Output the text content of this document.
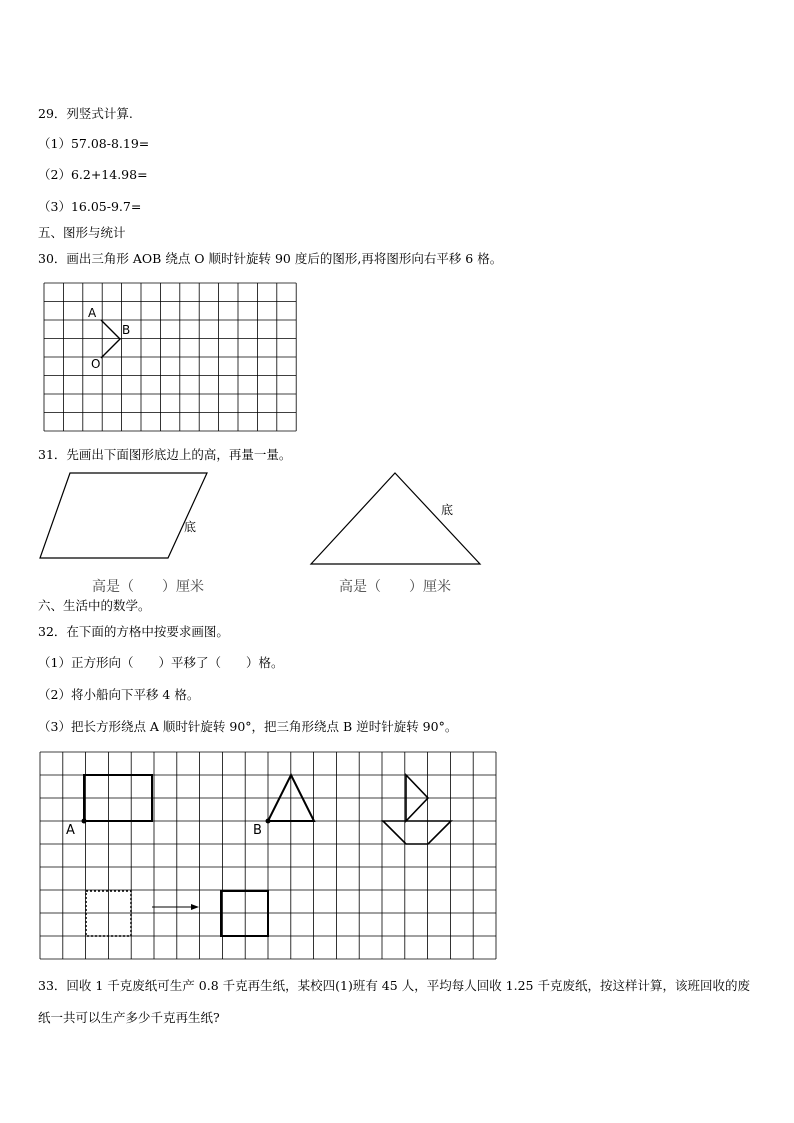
29．列竖式计算.
（1）57.08-8.19=
（2）6.2+14.98=
（3）16.05-9.7=
五、图形与统计
30．画出三角形 AOB 绕点 O 顺时针旋转 90 度后的图形,再将图形向右平移 6 格。
A
B
O
31．先画出下面图形底边上的高，再量一量。
底
高是（　　）厘米
底
高是（　　）厘米
六、生活中的数学。
32．在下面的方格中按要求画图。
（1）正方形向（　　）平移了（　　）格。
（2）将小船向下平移 4 格。
（3）把长方形绕点 A 顺时针旋转 90°，把三角形绕点 B 逆时针旋转 90°。
A	B
33．回收 1 千克废纸可生产 0.8 千克再生纸，某校四(1)班有 45 人，平均每人回收 1.25 千克废纸，按这样计算，该班回收的废纸一共可以生产多少千克再生纸?
